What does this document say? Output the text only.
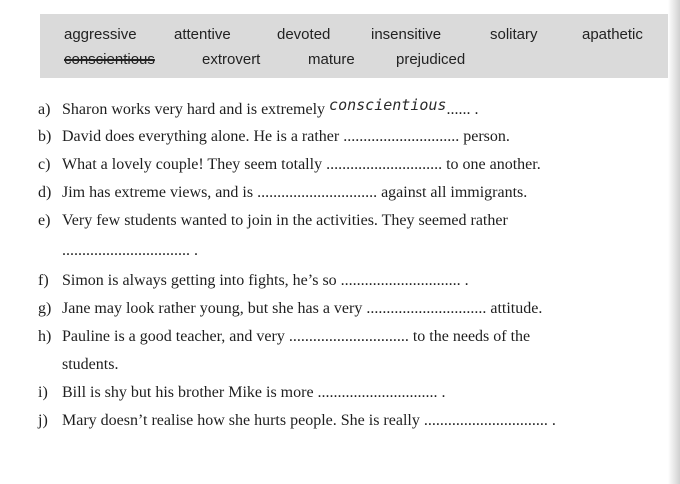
aggressive attentive	devoted	insensitive	solitary	apathetic
conscientious	extrovert	mature	prejudiced
a) Sharon works very hard and is extremely conscientious...... .
b) David does everything alone. He is a rather ............................. person.
c) What a lovely couple! They seem totally ............................. to one another.
d) Jim has extreme views, and is .............................. against all immigrants.
e) Very few students wanted to join in the activities. They seemed rather
................................ .
f) Simon is always getting into fights, he’s so .............................. .
g) Jane may look rather young, but she has a very .............................. attitude.
h) Pauline is a good teacher, and very .............................. to the needs of the
students.
i) Bill is shy but his brother Mike is more .............................. .
j) Mary doesn’t realise how she hurts people. She is really ............................... .
